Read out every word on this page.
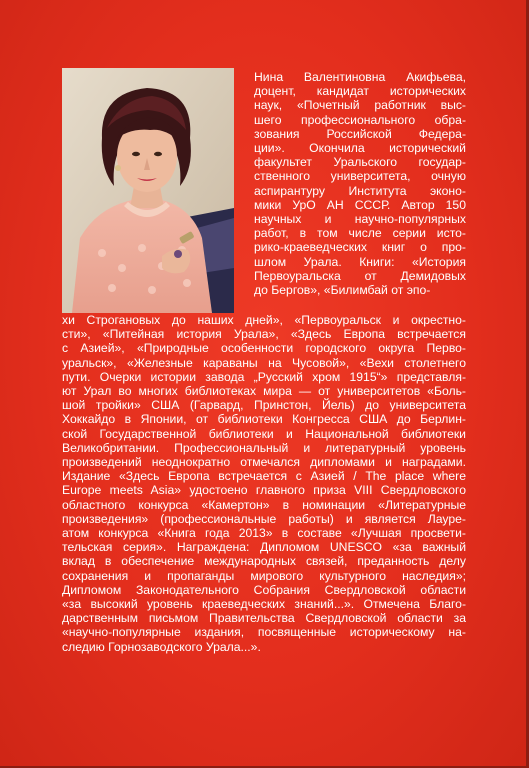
Нина Валентиновна Акифьева,
доцент, кандидат исторических
наук, «Почетный работник выс-
шего профессионального обра-
зования Российской Федера-
ции». Окончила исторический
факультет Уральского государ-
ственного университета, очную
аспирантуру Института эконо-
мики УрО АН СССР. Автор 150
научных и научно-популярных
работ, в том числе серии исто-
рико-краеведческих книг о про-
шлом Урала. Книги: «История
Первоуральска от Демидовых
до Бергов», «Билимбай от эпо-
хи Строгановых до наших дней», «Первоуральск и окрестно-
сти», «Питейная история Урала», «Здесь Европа встречается
с Азией», «Природные особенности городского округа Перво-
уральск», «Железные караваны на Чусовой», «Вехи столетнего
пути. Очерки истории завода „Русский хром 1915“» представля-
ют Урал во многих библиотеках мира — от университетов «Боль-
шой тройки» США (Гарвард, Принстон, Йель) до университета
Хоккайдо в Японии, от библиотеки Конгресса США до Берлин-
ской Государственной библиотеки и Национальной библиотеки
Великобритании. Профессиональный и литературный уровень
произведений неоднократно отмечался дипломами и наградами.
Издание «Здесь Европа встречается с Азией / The place where
Europe meets Asia» удостоено главного приза VIII Свердловского
областного конкурса «Камертон» в номинации «Литературные
произведения» (профессиональные работы) и является Лауре-
атом конкурса «Книга года 2013» в составе «Лучшая просвети-
тельская серия». Награждена: Дипломом UNESCO «за важный
вклад в обеспечение международных связей, преданность делу
сохранения и пропаганды мирового культурного наследия»;
Дипломом Законодательного Собрания Свердловской области
«за высокий уровень краеведческих знаний...». Отмечена Благо-
дарственным письмом Правительства Свердловской области за
«научно-популярные издания, посвященные историческому на-
следию Горнозаводского Урала...».
